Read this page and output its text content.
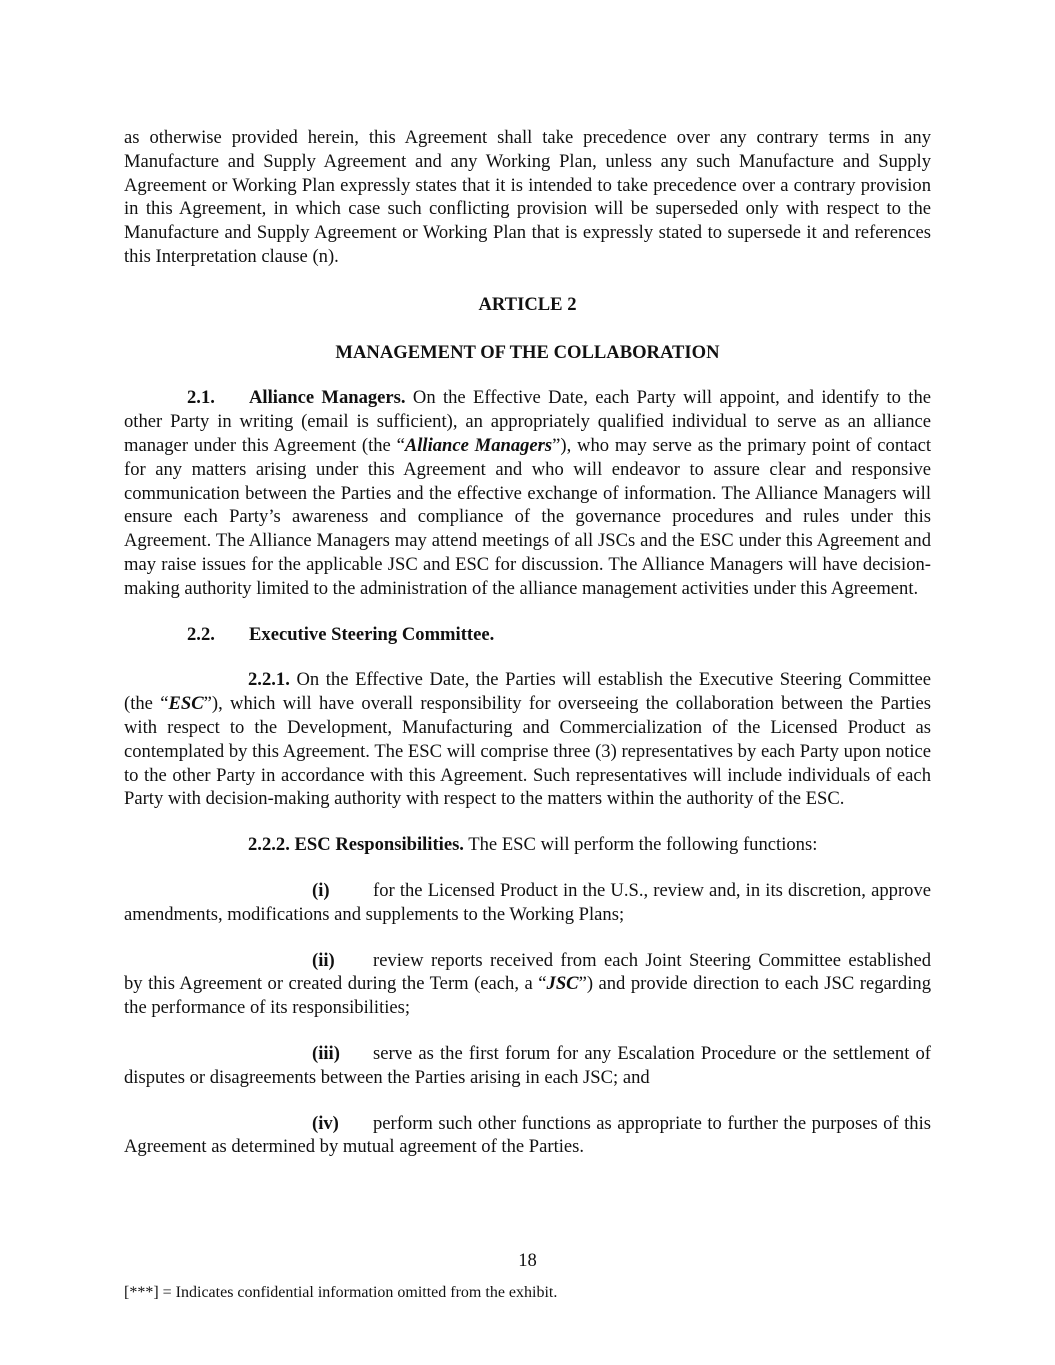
as otherwise provided herein, this Agreement shall take precedence over any contrary terms in any Manufacture and Supply Agreement and any Working Plan, unless any such Manufacture and Supply Agreement or Working Plan expressly states that it is intended to take precedence over a contrary provision in this Agreement, in which case such conflicting provision will be superseded only with respect to the Manufacture and Supply Agreement or Working Plan that is expressly stated to supersede it and references this Interpretation clause (n).

ARTICLE 2

MANAGEMENT OF THE COLLABORATION

2.1. Alliance Managers. On the Effective Date, each Party will appoint, and identify to the other Party in writing (email is sufficient), an appropriately qualified individual to serve as an alliance manager under this Agreement (the “Alliance Managers”), who may serve as the primary point of contact for any matters arising under this Agreement and who will endeavor to assure clear and responsive communication between the Parties and the effective exchange of information. The Alliance Managers will ensure each Party’s awareness and compliance of the governance procedures and rules under this Agreement. The Alliance Managers may attend meetings of all JSCs and the ESC under this Agreement and may raise issues for the applicable JSC and ESC for discussion. The Alliance Managers will have decision-making authority limited to the administration of the alliance management activities under this Agreement.

2.2. Executive Steering Committee.

2.2.1. On the Effective Date, the Parties will establish the Executive Steering Committee (the “ESC”), which will have overall responsibility for overseeing the collaboration between the Parties with respect to the Development, Manufacturing and Commercialization of the Licensed Product as contemplated by this Agreement. The ESC will comprise three (3) representatives by each Party upon notice to the other Party in accordance with this Agreement. Such representatives will include individuals of each Party with decision-making authority with respect to the matters within the authority of the ESC.

2.2.2. ESC Responsibilities. The ESC will perform the following functions:

(i) for the Licensed Product in the U.S., review and, in its discretion, approve amendments, modifications and supplements to the Working Plans;

(ii) review reports received from each Joint Steering Committee established by this Agreement or created during the Term (each, a “JSC”) and provide direction to each JSC regarding the performance of its responsibilities;

(iii) serve as the first forum for any Escalation Procedure or the settlement of disputes or disagreements between the Parties arising in each JSC; and

(iv) perform such other functions as appropriate to further the purposes of this Agreement as determined by mutual agreement of the Parties.

18
[***] = Indicates confidential information omitted from the exhibit.
